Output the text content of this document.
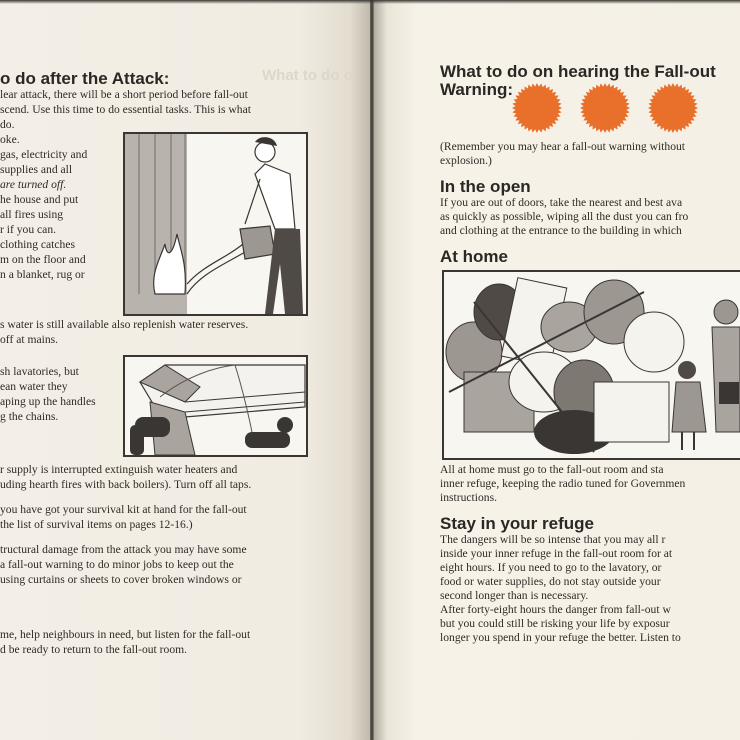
What to do o
o do after the Attack:
lear attack, there will be a short period before fall-out
scend. Use this time to do essential tasks. This is what
do.
oke.
gas, electricity and
supplies and all
are turned off.
he house and put
all fires using
r if you can.
clothing catches
m on the floor and
n a blanket, rug or
s water is still available also replenish water reserves.
off at mains.
sh lavatories, but
ean water they
aping up the handles
g the chains.
r supply is interrupted extinguish water heaters and
uding hearth fires with back boilers). Turn off all taps.
you have got your survival kit at hand for the fall-out
the list of survival items on pages 12-16.)
tructural damage from the attack you may have some
a fall-out warning to do minor jobs to keep out the
using curtains or sheets to cover broken windows or
me, help neighbours in need, but listen for the fall-out
d be ready to return to the fall-out room.
What to do on hearing the Fall-out
Warning:
(Remember you may hear a fall-out warning without
explosion.)
In the open
If you are out of doors, take the nearest and best ava
as quickly as possible, wiping all the dust you can fro
and clothing at the entrance to the building in which
At home
All at home must go to the fall-out room and sta
inner refuge, keeping the radio tuned for Governmen
instructions.
Stay in your refuge
The dangers will be so intense that you may all r
inside your inner refuge in the fall-out room for at
eight hours. If you need to go to the lavatory, or
food or water supplies, do not stay outside your
second longer than is necessary.
After forty-eight hours the danger from fall-out w
but you could still be risking your life by exposur
longer you spend in your refuge the better. Listen to
